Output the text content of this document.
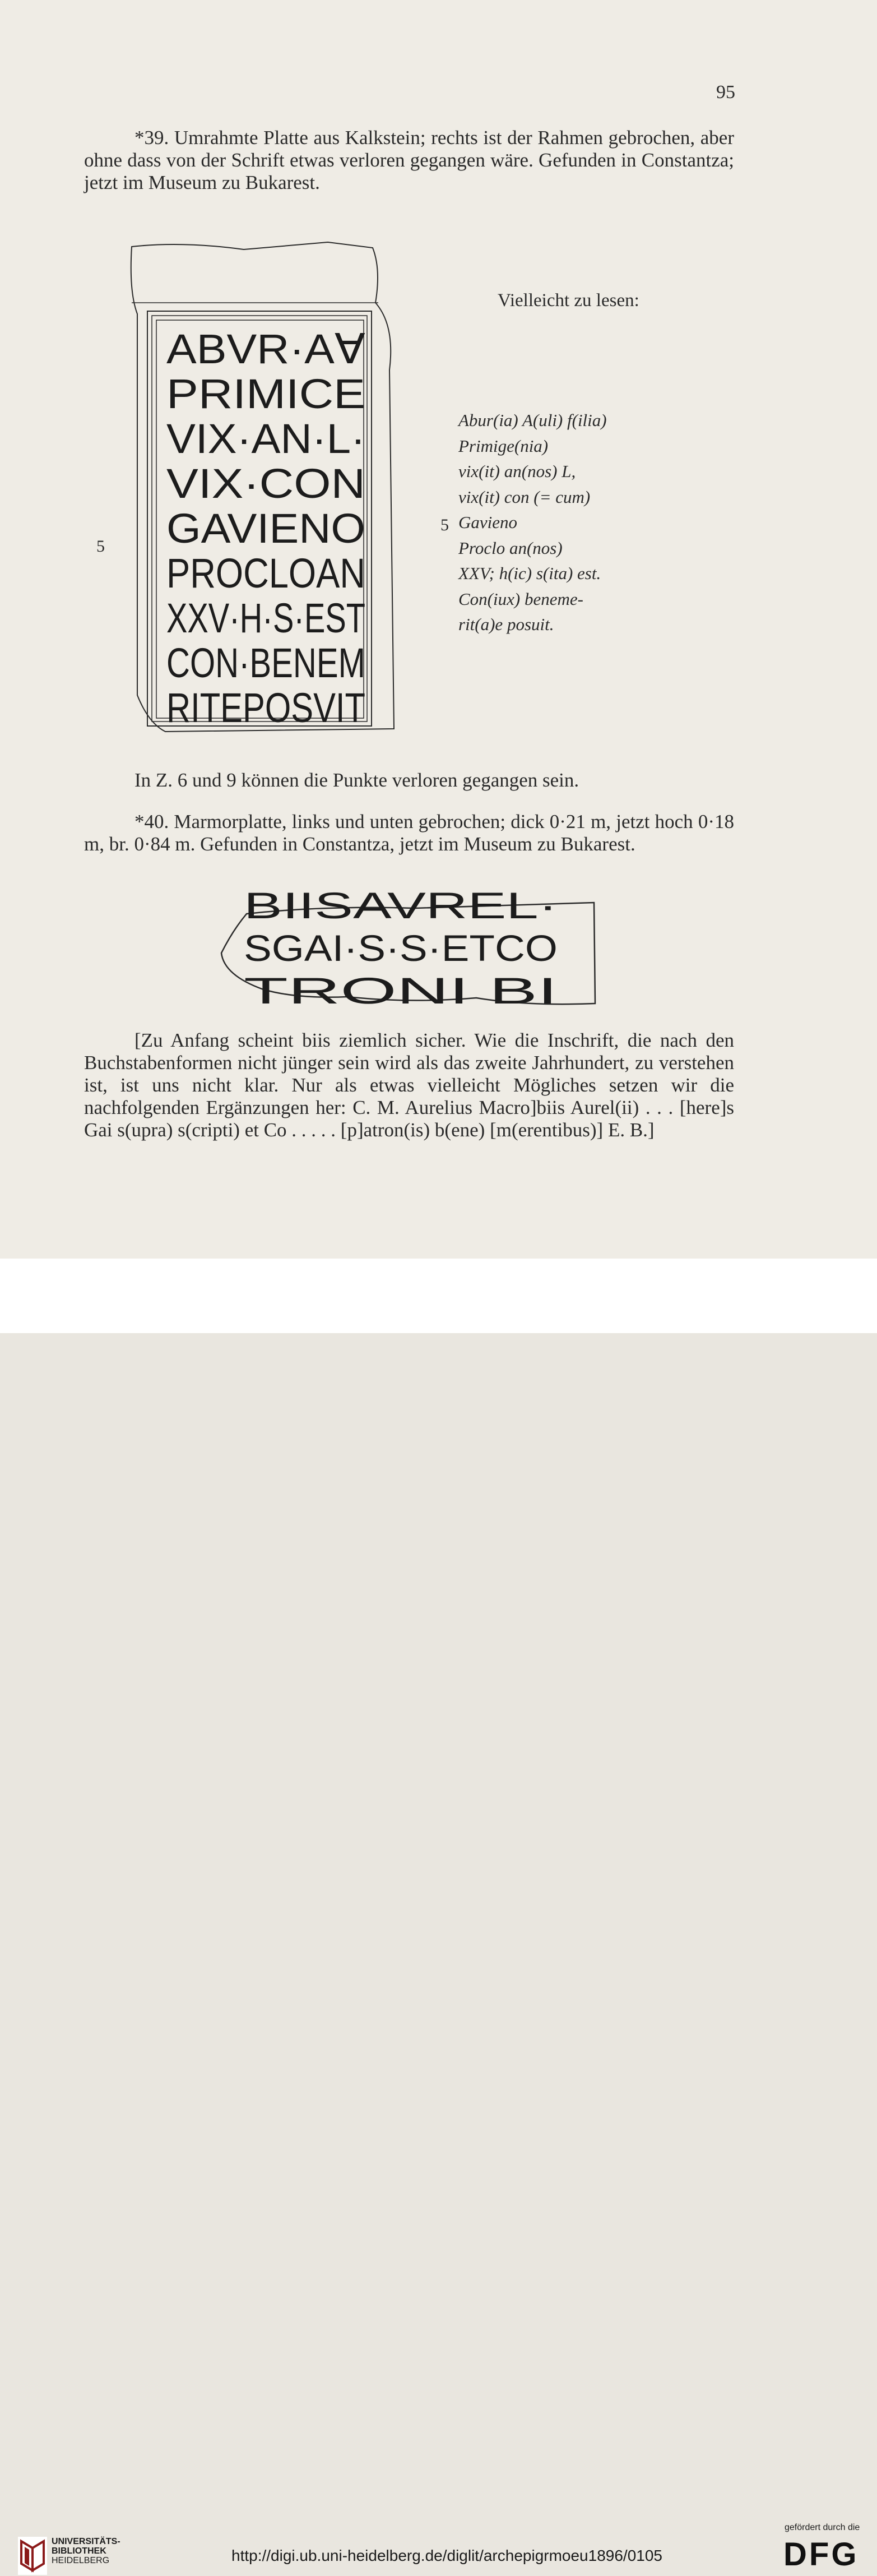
95
*39. Umrahmte Platte aus Kalkstein; rechts ist der Rahmen gebrochen, aber ohne dass von der Schrift etwas verloren gegangen wäre. Gefunden in Constantza; jetzt im Museum zu Bukarest.
ABVR·AⱯ
PRIMICE
VIX·AN·L·
VIX·CON
GAVIENO
PROCLOAN
XXV·H·S·EST
CON·BENEM
RITEPOSVIT
5
Vielleicht zu lesen:
5
Abur(ia) A(uli) f(ilia)
Primige(nia)
vix(it) an(nos) L,
vix(it) con (= cum)
Gavieno
Proclo an(nos)
XXV; h(ic) s(ita) est.
Con(iux) beneme-
rit(a)e posuit.
In Z. 6 und 9 können die Punkte verloren gegangen sein.
*40. Marmorplatte, links und unten gebrochen; dick 0·21 m, jetzt hoch 0·18 m, br. 0·84 m. Gefunden in Constantza, jetzt im Museum zu Bukarest.
BIISAVREL·
SGAI·S·S·ETCO
TRONI BI
[Zu Anfang scheint biis ziemlich sicher. Wie die Inschrift, die nach den Buchstabenformen nicht jünger sein wird als das zweite Jahrhundert, zu verstehen ist, ist uns nicht klar. Nur als etwas vielleicht Mögliches setzen wir die nachfolgenden Ergänzungen her: C. M. Aurelius Macro]biis Aurel(ii) . . . [here]s Gai s(upra) s(cripti) et Co . . . . . [p]atron(is) b(ene) [m(erentibus)] E. B.]
UNIVERSITÄTS-
BIBLIOTHEK
HEIDELBERG	http://digi.ub.uni-heidelberg.de/diglit/archepigrmoeu1896/0105
gefördert durch die
DFG
